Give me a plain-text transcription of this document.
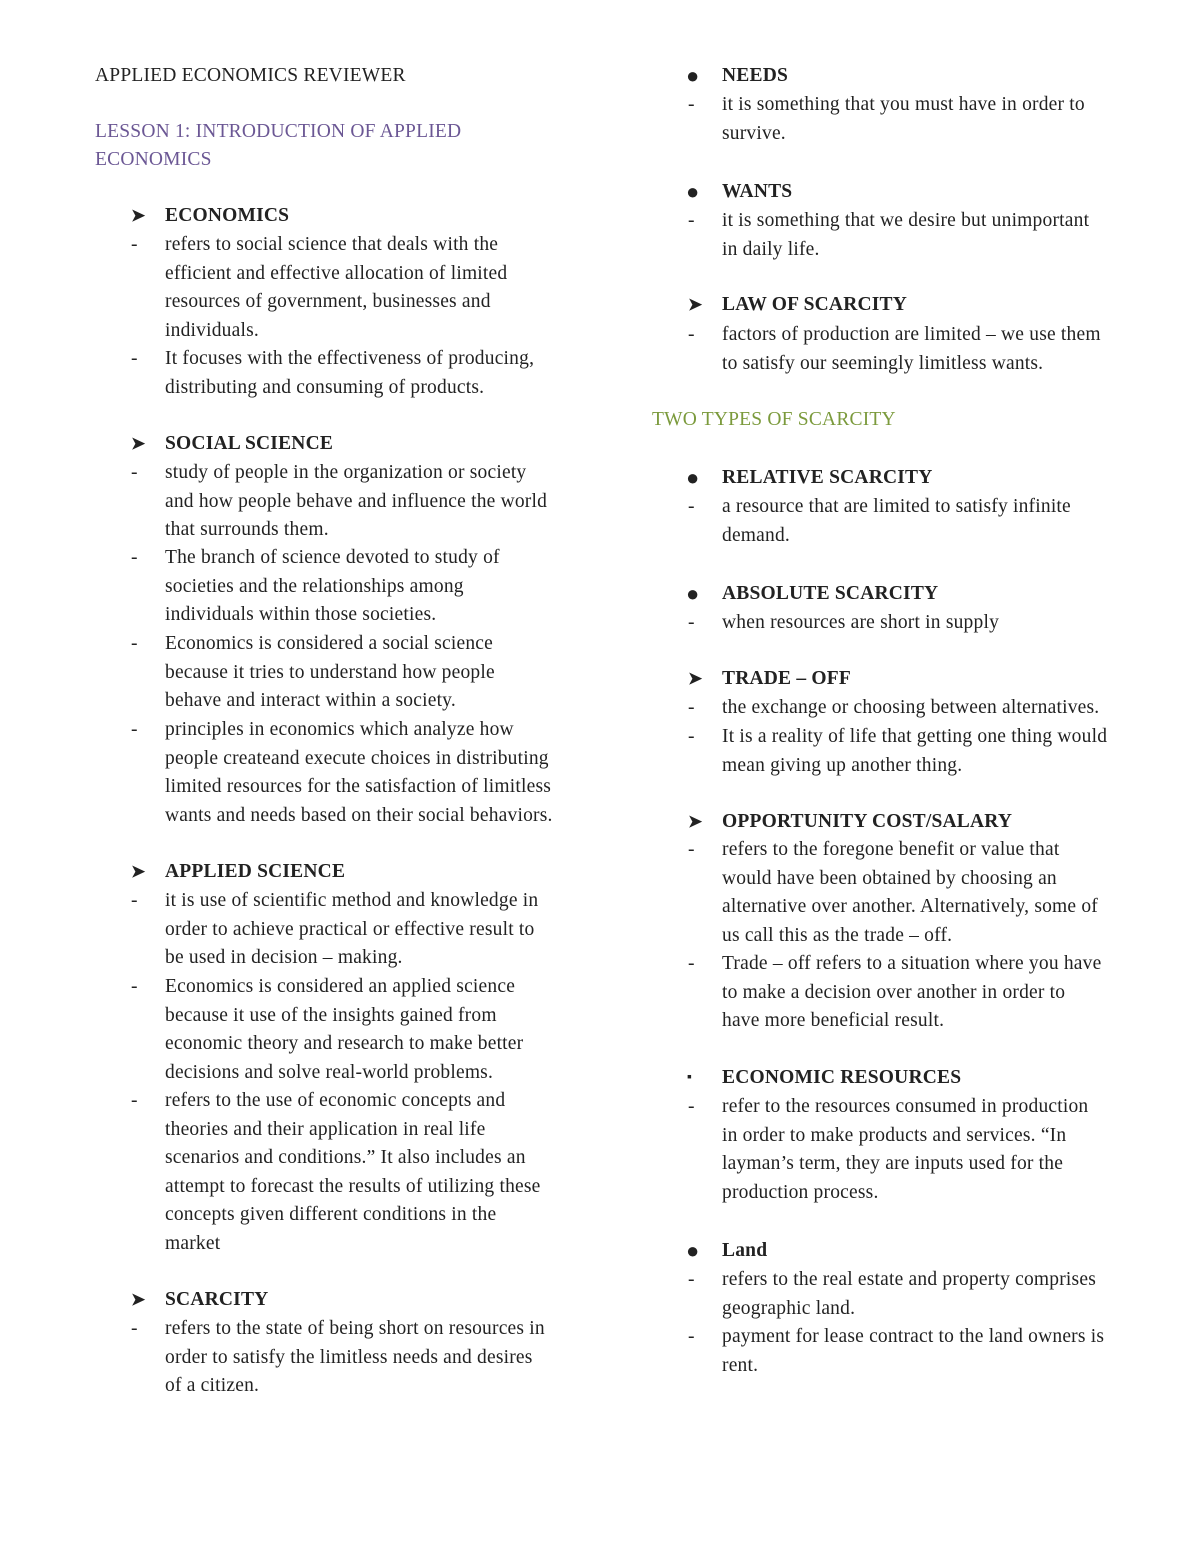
APPLIED ECONOMICS REVIEWER
LESSON 1: INTRODUCTION OF APPLIED
ECONOMICS
➤	ECONOMICS
-	refers to social science that deals with the
efficient and effective allocation of limited
resources of government, businesses and
individuals.
-	It focuses with the effectiveness of producing,
distributing and consuming of products.
➤	SOCIAL SCIENCE
-	study of people in the organization or society
and how people behave and influence the world
that surrounds them.
-	The branch of science devoted to study of
societies and the relationships among
individuals within those societies.
-	Economics is considered a social science
because it tries to understand how people
behave and interact within a society.
-	principles in economics which analyze how
people createand execute choices in distributing
limited resources for the satisfaction of limitless
wants and needs based on their social behaviors.
➤	APPLIED SCIENCE
-	it is use of scientific method and knowledge in
order to achieve practical or effective result to
be used in decision – making.
-	Economics is considered an applied science
because it use of the insights gained from
economic theory and research to make better
decisions and solve real-world problems.
-	refers to the use of economic concepts and
theories and their application in real life
scenarios and conditions.” It also includes an
attempt to forecast the results of utilizing these
concepts given different conditions in the
market
➤	SCARCITY
-	refers to the state of being short on resources in
order to satisfy the limitless needs and desires
of a citizen.
TWO TYPES OF SCARCITY
●	NEEDS
-	it is something that you must have in order to
survive.
●	WANTS
-	it is something that we desire but unimportant
in daily life.
➤	LAW OF SCARCITY
-	factors of production are limited – we use them
to satisfy our seemingly limitless wants.
●	RELATIVE SCARCITY
-	a resource that are limited to satisfy infinite
demand.
●	ABSOLUTE SCARCITY
-	when resources are short in supply
➤	TRADE – OFF
-	the exchange or choosing between alternatives.
-	It is a reality of life that getting one thing would
mean giving up another thing.
➤	OPPORTUNITY COST/SALARY
-	refers to the foregone benefit or value that
would have been obtained by choosing an
alternative over another. Alternatively, some of
us call this as the trade – off.
-	Trade – off refers to a situation where you have
to make a decision over another in order to
have more beneficial result.
▪	ECONOMIC RESOURCES
-	refer to the resources consumed in production
in order to make products and services. “In
layman’s term, they are inputs used for the
production process.
●	Land
-	refers to the real estate and property comprises
geographic land.
-	payment for lease contract to the land owners is
rent.
